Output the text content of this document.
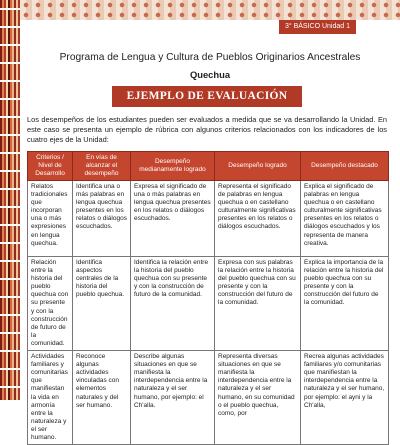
3° BÁSICO Unidad 1
Programa de Lengua y Cultura de Pueblos Originarios Ancestrales
Quechua
EJEMPLO DE EVALUACIÓN

Los desempeños de los estudiantes pueden ser evaluados a medida que se va desarrollando la Unidad. En este caso se presenta un ejemplo de rúbrica con algunos criterios relacionados con los indicadores de los cuatro ejes de la Unidad:

Criterios / Nivel de Desarrollo	En vías de alcanzar el desempeño	Desempeño medianamente logrado	Desempeño logrado	Desempeño destacado
Relatos tradicionales que incorporan una o más expresiones en lengua quechua.	Identifica una o más palabras en lengua quechua presentes en los relatos o diálogos escuchados.	Expresa el significado de una o más palabras en lengua quechua presentes en los relatos o diálogos escuchados.	Representa el significado de palabras en lengua quechua o en castellano culturalmente significativas presentes en los relatos o diálogos escuchados.	Explica el significado de palabras en lengua quechua o en castellano culturalmente significativas presentes en los relatos o diálogos escuchados y los representa de manera creativa.
Relación entre la historia del pueblo quechua con su presente y con la construcción de futuro de la comunidad.	Identifica aspectos centrales de la historia del pueblo quechua.	Identifica la relación entre la historia del pueblo quechua con su presente y con la construcción de futuro de la comunidad.	Expresa con sus palabras la relación entre la historia del pueblo quechua con su presente y con la construcción del futuro de la comunidad.	Explica la importancia de la relación entre la historia del pueblo quechua con su presente y con la construcción del futuro de la comunidad.
Actividades familiares y comunitarias que manifiestan la vida en armonía entre la naturaleza y el ser humano.	Reconoce algunas actividades vinculadas con elementos naturales y del ser humano.	Describe algunas situaciones en que se manifiesta la interdependencia entre la naturaleza y el ser humano, por ejemplo: el Ch'alla.	Representa diversas situaciones en que se manifiesta la interdependencia entre la naturaleza y el ser humano, en su comunidad o el pueblo quechua, como, por	Recrea algunas actividades familiares y/o comunitarias que manifiestan la interdependencia entre la naturaleza y el ser humano, por ejemplo: el ayni y la Ch'alla,
